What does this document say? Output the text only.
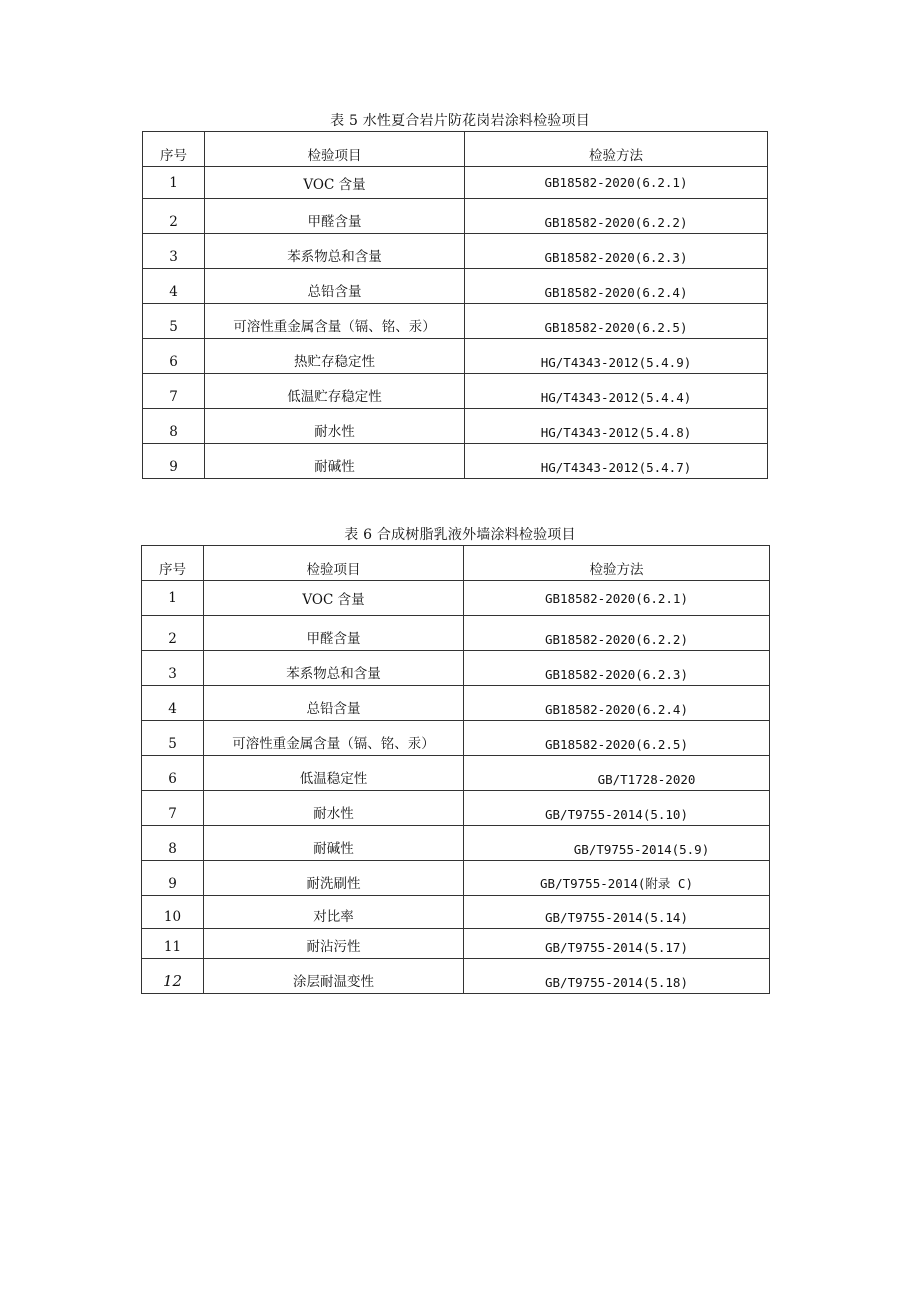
表 5 水性夏合岩片防花岗岩涂料检验项目
序号	检验项目	检验方法
1	VOC 含量	GB18582-2020(6.2.1)
2	甲醛含量	GB18582-2020(6.2.2)
3	苯系物总和含量	GB18582-2020(6.2.3)
4	总铅含量	GB18582-2020(6.2.4)
5	可溶性重金属含量（镉、铭、汞）	GB18582-2020(6.2.5)
6	热贮存稳定性	HG/T4343-2012(5.4.9)
7	低温贮存稳定性	HG/T4343-2012(5.4.4)
8	耐水性	HG/T4343-2012(5.4.8)
9	耐碱性	HG/T4343-2012(5.4.7)
表 6 合成树脂乳液外墙涂料检验项目
序号	检验项目	检验方法
1	VOC 含量	GB18582-2020(6.2.1)
2	甲醛含量	GB18582-2020(6.2.2)
3	苯系物总和含量	GB18582-2020(6.2.3)
4	总铅含量	GB18582-2020(6.2.4)
5	可溶性重金属含量（镉、铭、汞）	GB18582-2020(6.2.5)
6	低温稳定性	GB/T1728-2020
7	耐水性	GB/T9755-2014(5.10)
8	耐碱性	GB/T9755-2014(5.9)
9	耐洗刷性	GB/T9755-2014(附录 C)
10	对比率	GB/T9755-2014(5.14)
11	耐沾污性	GB/T9755-2014(5.17)
12	涂层耐温变性	GB/T9755-2014(5.18)
